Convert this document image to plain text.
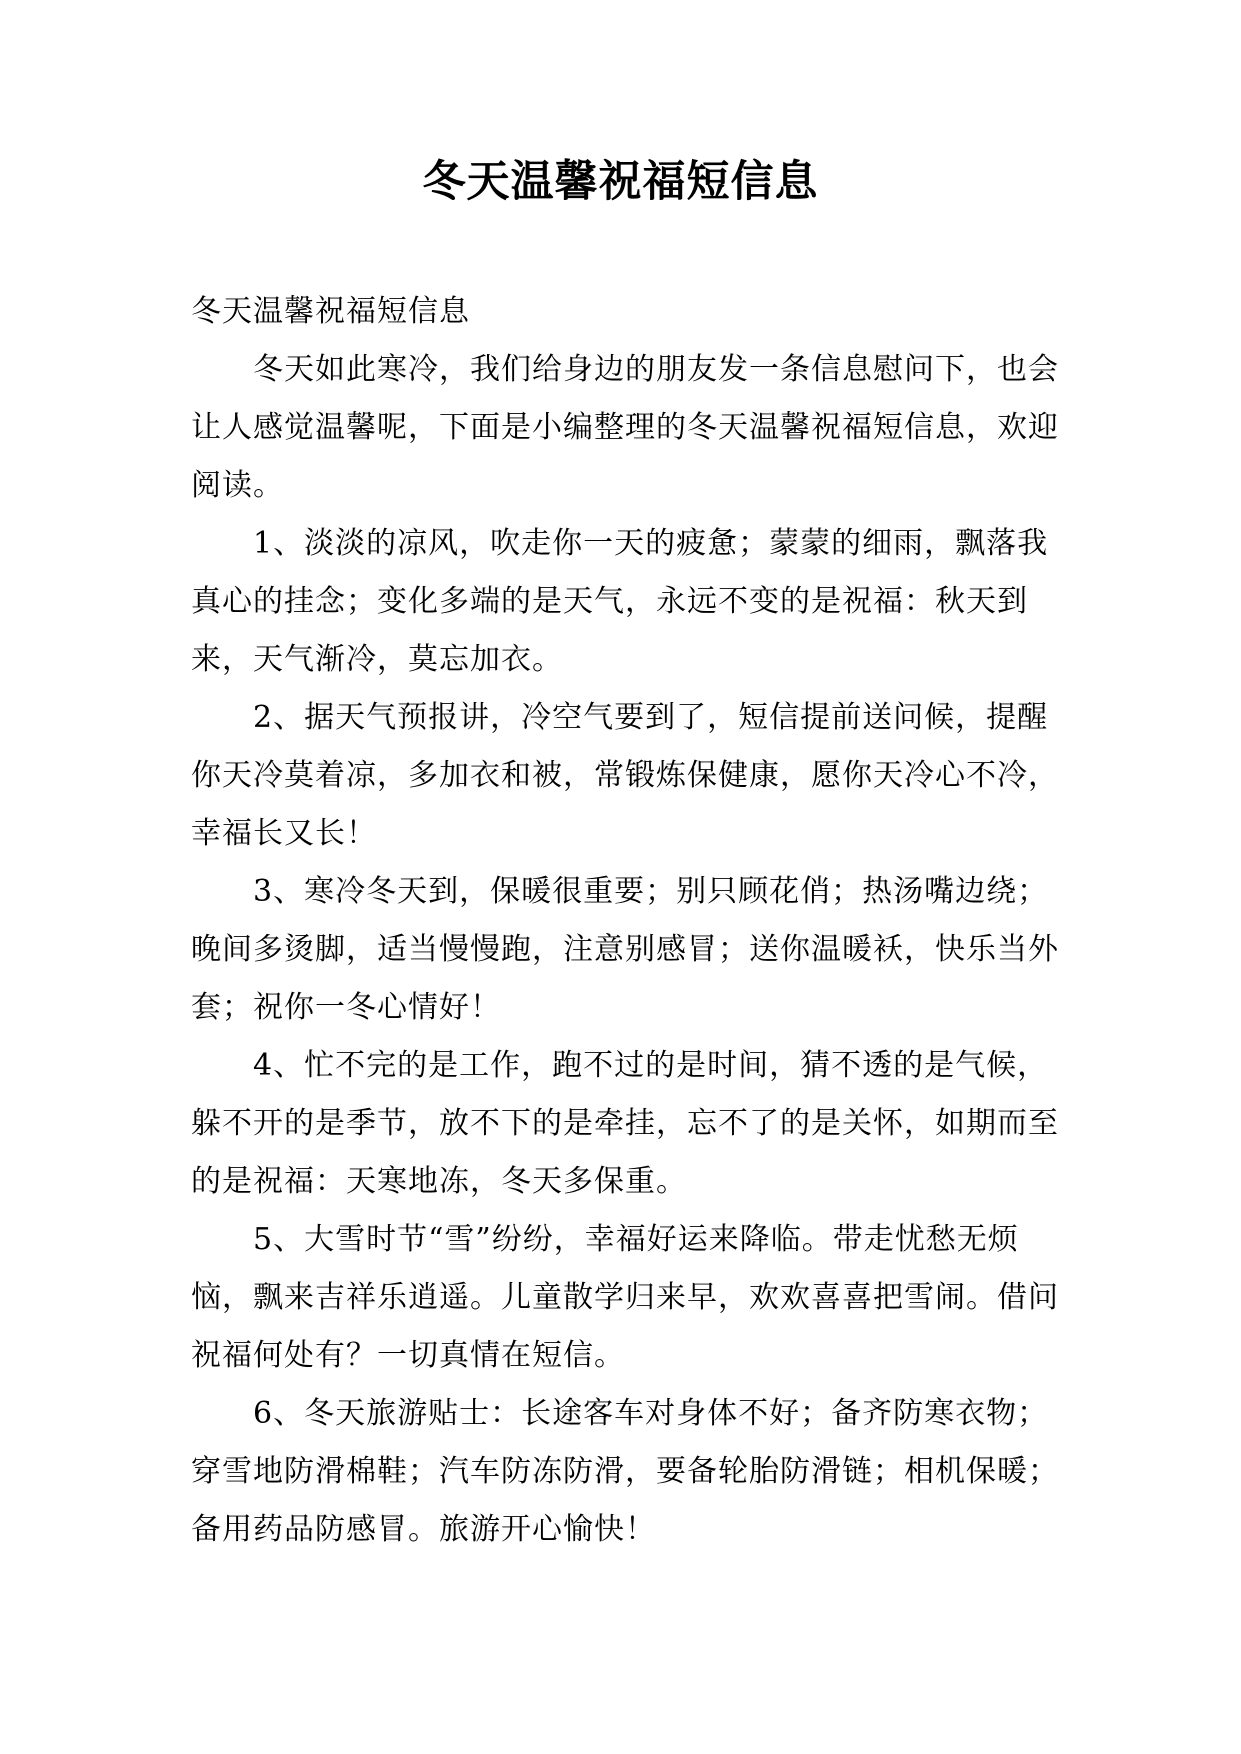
冬天温馨祝福短信息

冬天温馨祝福短信息

冬天如此寒冷，我们给身边的朋友发一条信息慰问下，也会让人感觉温馨呢，下面是小编整理的冬天温馨祝福短信息，欢迎阅读。

1、淡淡的凉风，吹走你一天的疲惫；蒙蒙的细雨，飘落我真心的挂念；变化多端的是天气，永远不变的是祝福：秋天到来，天气渐冷，莫忘加衣。

2、据天气预报讲，冷空气要到了，短信提前送问候，提醒你天冷莫着凉，多加衣和被，常锻炼保健康，愿你天冷心不冷，幸福长又长！

3、寒冷冬天到，保暖很重要；别只顾花俏；热汤嘴边绕；晚间多烫脚，适当慢慢跑，注意别感冒；送你温暖袄，快乐当外套；祝你一冬心情好！

4、忙不完的是工作，跑不过的是时间，猜不透的是气候，躲不开的是季节，放不下的是牵挂，忘不了的是关怀，如期而至的是祝福：天寒地冻，冬天多保重。

5、大雪时节“雪”纷纷，幸福好运来降临。带走忧愁无烦恼，飘来吉祥乐逍遥。儿童散学归来早，欢欢喜喜把雪闹。借问祝福何处有？一切真情在短信。

6、冬天旅游贴士：长途客车对身体不好；备齐防寒衣物；穿雪地防滑棉鞋；汽车防冻防滑，要备轮胎防滑链；相机保暖；备用药品防感冒。旅游开心愉快！
